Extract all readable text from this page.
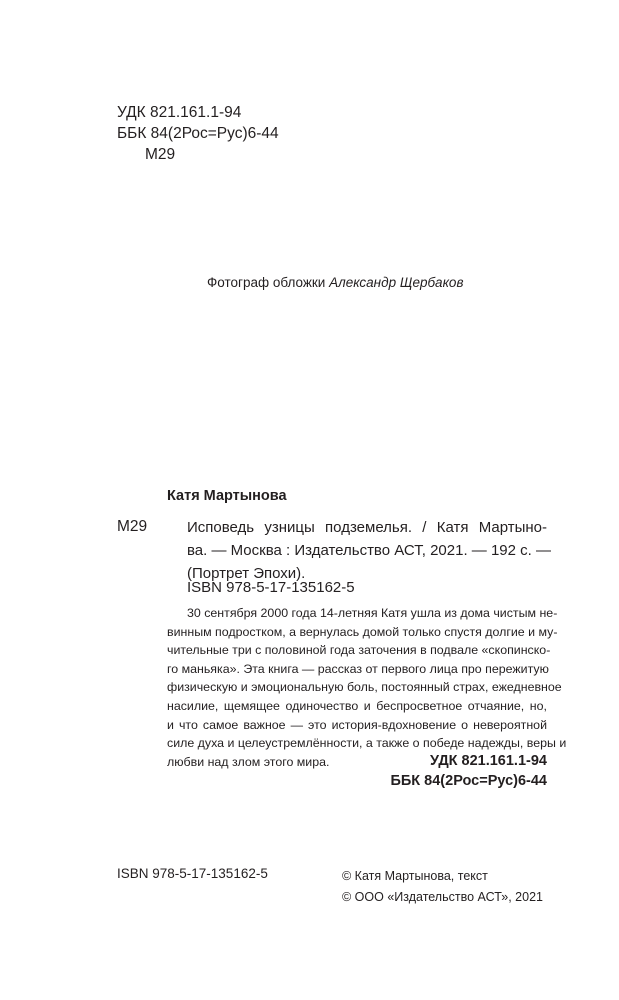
УДК 821.161.1-94
ББК 84(2Рос=Рус)6-44
М29
Фотограф обложки Александр Щербаков
Катя Мартынова
М29	Исповедь узницы подземелья. / Катя Мартыно-
ва. — Москва : Издательство АСТ, 2021. — 192 с. —
(Портрет Эпохи).
ISBN 978-5-17-135162-5
30 сентября 2000 года 14-летняя Катя ушла из дома чистым не-
винным подростком, а вернулась домой только спустя долгие и му-
чительные три с половиной года заточения в подвале «скопинско-
го маньяка». Эта книга — рассказ от первого лица про пережитую
физическую и эмоциональную боль, постоянный страх, ежедневное
насилие, щемящее одиночество и беспросветное отчаяние, но,
и что самое важное — это история-вдохновение о невероятной
силе духа и целеустремлённости, а также о победе надежды, веры и
любви над злом этого мира.	УДК 821.161.1-94
ББК 84(2Рос=Рус)6-44
ISBN 978-5-17-135162-5	© Катя Мартынова, текст
© ООО «Издательство АСТ», 2021
